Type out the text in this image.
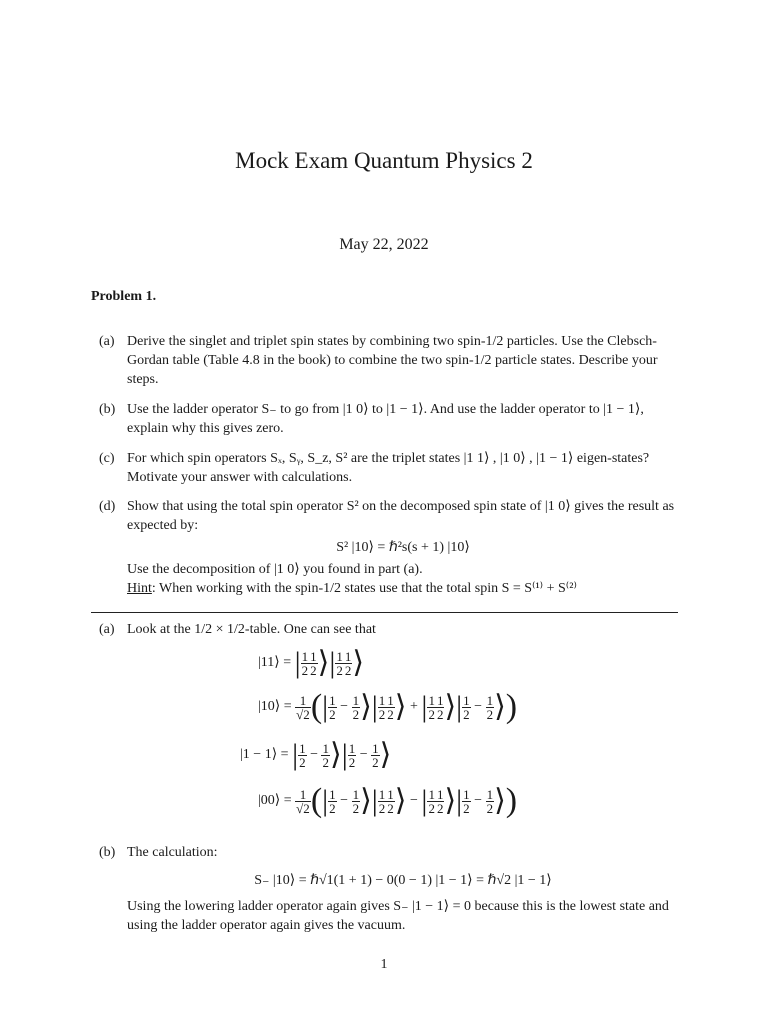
Mock Exam Quantum Physics 2
May 22, 2022
Problem 1.
(a) Derive the singlet and triplet spin states by combining two spin-1/2 particles. Use the Clebsch-Gordan table (Table 4.8 in the book) to combine the two spin-1/2 particle states. Describe your steps.
(b) Use the ladder operator S₋ to go from |1 0⟩ to |1 − 1⟩. And use the ladder operator to |1 − 1⟩, explain why this gives zero.
(c) For which spin operators Sₓ, Sᵧ, S_z, S² are the triplet states |1 1⟩ , |1 0⟩ , |1 − 1⟩ eigen-states? Motivate your answer with calculations.
(d) Show that using the total spin operator S² on the decomposed spin state of |1 0⟩ gives the result as expected by:
S² |10⟩ = ℏ²s(s + 1) |10⟩
Use the decomposition of |1 0⟩ you found in part (a).
Hint: When working with the spin-1/2 states use that the total spin S = S⁽¹⁾ + S⁽²⁾
(a) Look at the 1/2 × 1/2-table. One can see that
|11⟩ = | $\frac{1}{2} \frac{1}{2}$ ⟩| $\frac{1}{2} \frac{1}{2}$ ⟩
|10⟩ = $\frac{1}{√2}$ (| $\frac{1}{2} - \frac{1}{2}$ ⟩| $\frac{1}{2} \frac{1}{2}$ ⟩ + | $\frac{1}{2} \frac{1}{2}$ ⟩| $\frac{1}{2} - \frac{1}{2}$ ⟩)
|1 − 1⟩ = | $\frac{1}{2} - \frac{1}{2}$ ⟩| $\frac{1}{2} - \frac{1}{2}$ ⟩
|00⟩ = $\frac{1}{√2}$ (| $\frac{1}{2} - \frac{1}{2}$ ⟩| $\frac{1}{2} \frac{1}{2}$ ⟩ − | $\frac{1}{2} \frac{1}{2}$ ⟩| $\frac{1}{2} - \frac{1}{2}$ ⟩)
(b) The calculation:
S₋ |10⟩ = ℏ√1(1 + 1) − 0(0 − 1) |1 − 1⟩ = ℏ√2 |1 − 1⟩
Using the lowering ladder operator again gives S₋ |1 − 1⟩ = 0 because this is the lowest state and using the ladder operator again gives the vacuum.
1
